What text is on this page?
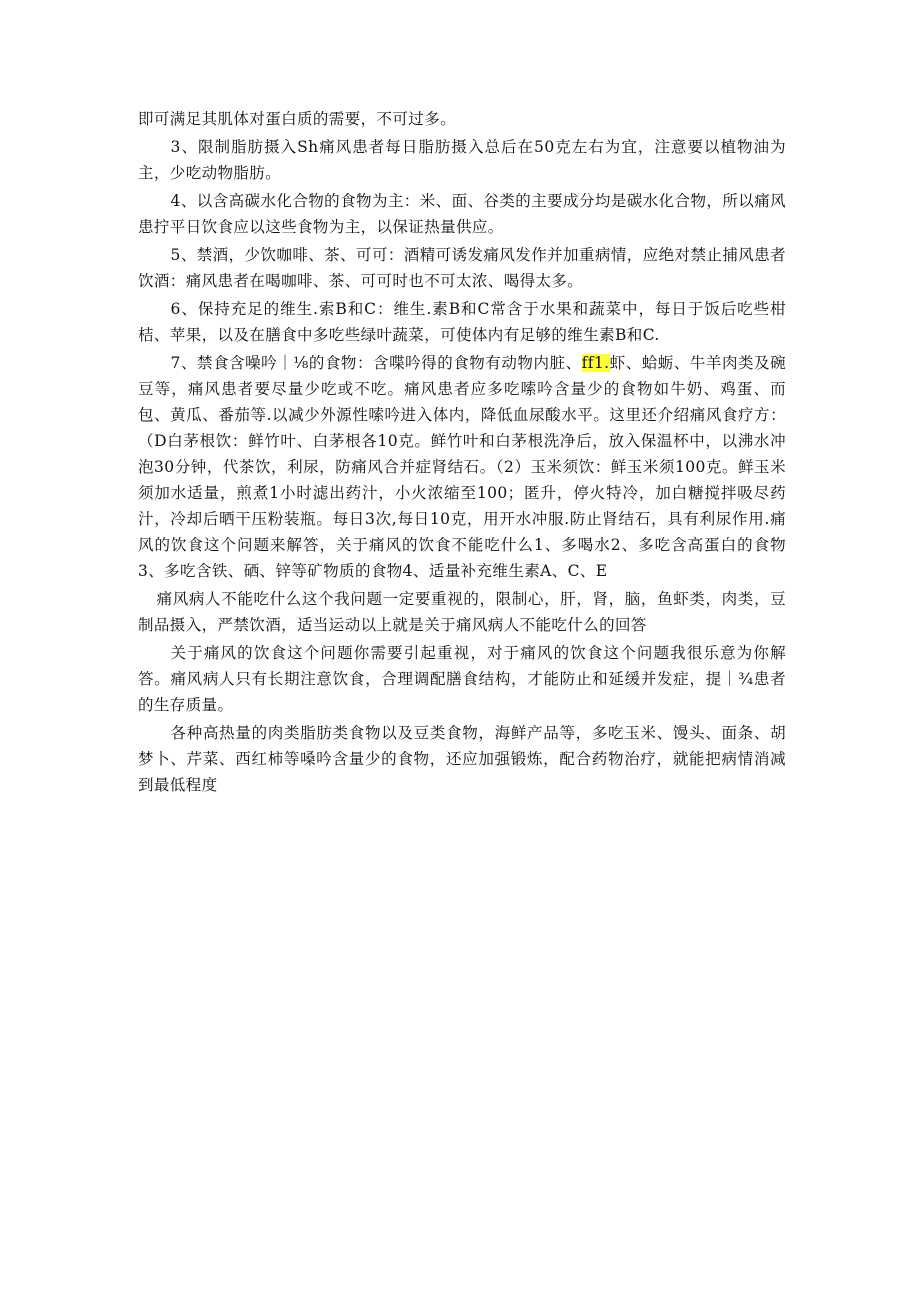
即可满足其肌体对蛋白质的需要，不可过多。

3、限制脂肪摄入Sh痛风患者每日脂肪摄入总后在50克左右为宜，注意要以植物油为主，少吃动物脂肪。

4、以含高碳水化合物的食物为主：米、面、谷类的主要成分均是碳水化合物，所以痛风患拧平日饮食应以这些食物为主，以保证热量供应。

5、禁酒，少饮咖啡、茶、可可：酒精可诱发痛风发作并加重病情，应绝对禁止捕风患者饮酒：痛风患者在喝咖啡、茶、可可时也不可太浓、喝得太多。

6、保持充足的维生.索B和C：维生.素B和C常含于水果和蔬菜中，每日于饭后吃些柑桔、苹果，以及在膳食中多吃些绿叶蔬菜，可使体内有足够的维生素B和C.

7、禁食含噪吟｜⅛的食物：含喋吟得的食物有动物内脏、ff1.虾、蛤蛎、牛羊肉类及碗豆等，痛风患者要尽量少吃或不吃。痛风患者应多吃嗦吟含量少的食物如牛奶、鸡蛋、而包、黄瓜、番茄等.以减少外源性嗦吟进入体内，降低血尿酸水平。这里还介绍痛风食疗方：（D白茅根饮：鲜竹叶、白茅根各10克。鲜竹叶和白茅根洗净后，放入保温杯中，以沸水冲泡30分钟，代茶饮，利尿，防痛风合并症肾结石。（2）玉米须饮：鲜玉米须100克。鲜玉米须加水适量，煎煮1小时滤出药汁，小火浓缩至100；匿升，停火特冷，加白糖搅拌吸尽药汁，冷却后晒干压粉装瓶。每日3次,每日10克，用开水冲服.防止肾结石，具有利尿作用.痛风的饮食这个问题来解答，关于痛风的饮食不能吃什么1、多喝水2、多吃含高蛋白的食物3、多吃含铁、硒、锌等矿物质的食物4、适量补充维生素A、C、E

痛风病人不能吃什么这个我问题一定要重视的，限制心，肝，肾，脑，鱼虾类，肉类，豆制品摄入，严禁饮酒，适当运动以上就是关于痛风病人不能吃什么的回答

关于痛风的饮食这个问题你需要引起重视，对于痛风的饮食这个问题我很乐意为你解答。痛风病人只有长期注意饮食，合理调配膳食结构，才能防止和延缓并发症，提｜¾患者的生存质量。

各种高热量的肉类脂肪类食物以及豆类食物，海鲜产品等，多吃玉米、馒头、面条、胡梦卜、芹菜、西红柿等嗓吟含量少的食物，还应加强锻炼，配合药物治疗，就能把病情消减到最低程度
